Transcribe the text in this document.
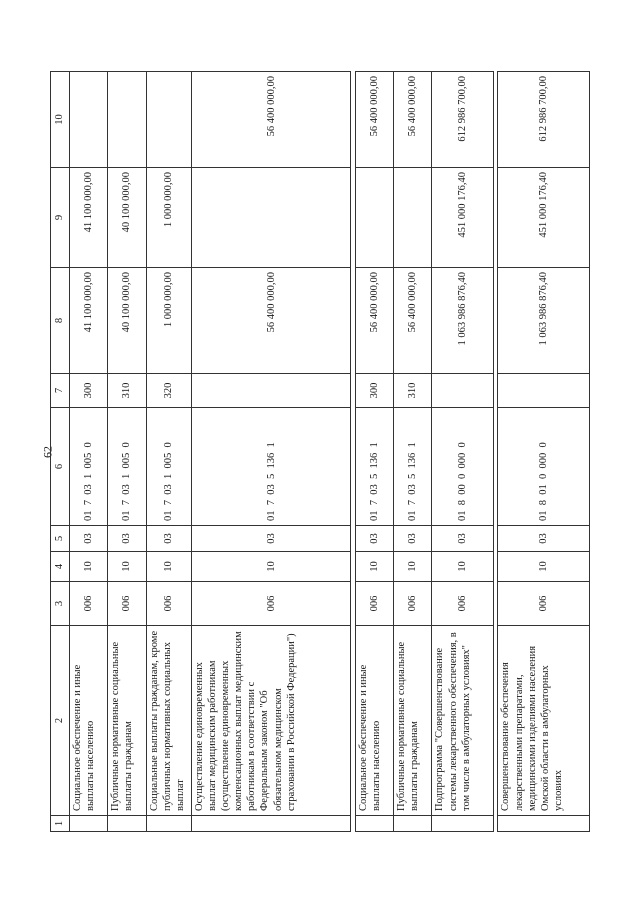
62
1	2	3	4	5	6	7	8	9	10
	Социальное обеспечение и иные выплаты населению	006	10	03	01  7  03  1  005  0	300	41 100 000,00	41 100 000,00	
	Публичные нормативные социальные выплаты гражданам	006	10	03	01  7  03  1  005  0	310	40 100 000,00	40 100 000,00	
	Социальные выплаты гражданам, кроме публичных нормативных социальных выплат	006	10	03	01  7  03  1  005  0	320	1 000 000,00	1 000 000,00	
	Осуществление единовременных выплат медицинским работникам (осуществление единовременных компенсационных выплат медицинским работникам в соответствии с Федеральным законом "Об обязательном медицинском страховании в Российской Федерации")	006	10	03	01  7  03  5  136  1		56 400 000,00		56 400 000,00

	Социальное обеспечение и иные выплаты населению	006	10	03	01  7  03  5  136  1	300	56 400 000,00		56 400 000,00
	Публичные нормативные социальные выплаты гражданам	006	10	03	01  7  03  5  136  1	310	56 400 000,00		56 400 000,00
	Подпрограмма "Совершенствование системы лекарственного обеспечения, в том числе в амбулаторных условиях"	006	10	03	01  8  00  0  000  0		1 063 986 876,40	451 000 176,40	612 986 700,00

	Совершенствование обеспечения лекарственными препаратами, медицинскими изделиями населения Омской области в амбулаторных условиях	006	10	03	01  8  01  0  000  0		1 063 986 876,40	451 000 176,40	612 986 700,00
